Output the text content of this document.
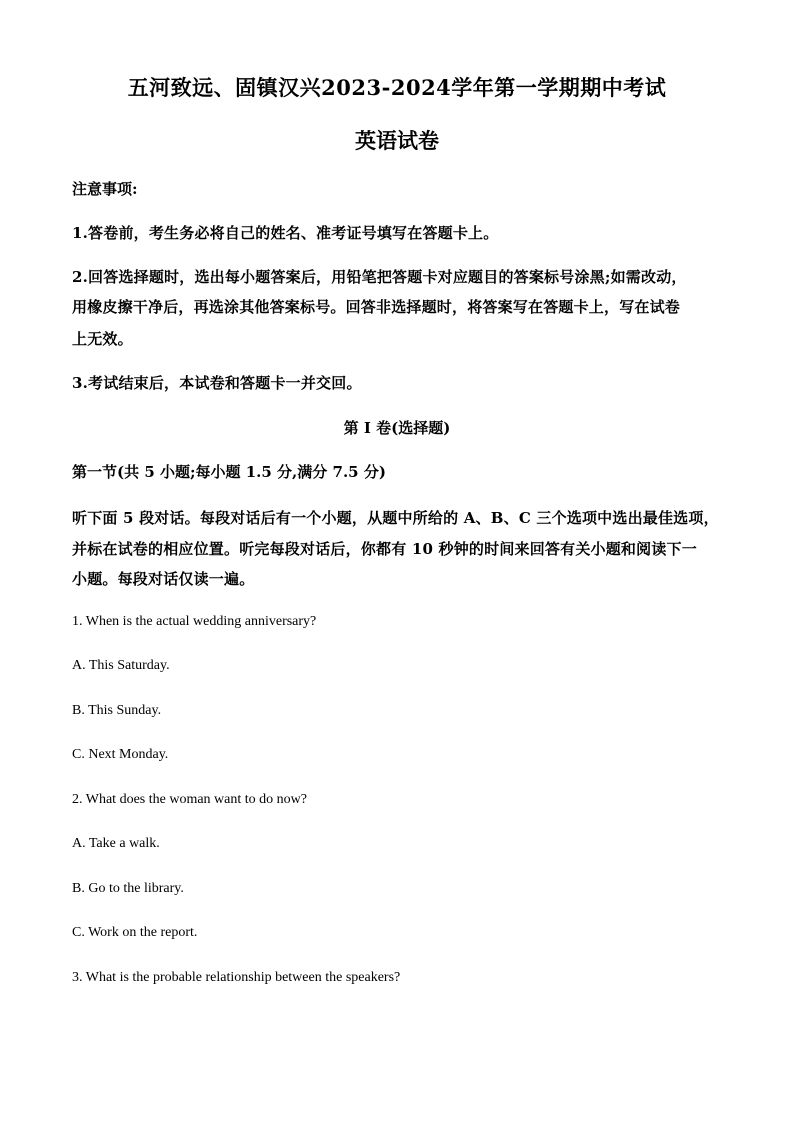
五河致远、固镇汉兴2023-2024学年第一学期期中考试
英语试卷
注意事项:
1.答卷前，考生务必将自己的姓名、准考证号填写在答题卡上。
2.回答选择题时，选出每小题答案后，用铅笔把答题卡对应题目的答案标号涂黑;如需改动，
用橡皮擦干净后，再选涂其他答案标号。回答非选择题时，将答案写在答题卡上，写在试卷
上无效。
3.考试结束后，本试卷和答题卡一并交回。
第 I 卷(选择题)
第一节(共 5 小题;每小题 1.5 分,满分 7.5 分)
听下面 5 段对话。每段对话后有一个小题，从题中所给的 A、B、C 三个选项中选出最佳选项，
并标在试卷的相应位置。听完每段对话后，你都有 10 秒钟的时间来回答有关小题和阅读下一
小题。每段对话仅读一遍。
1. When is the actual wedding anniversary?
A. This Saturday.
B. This Sunday.
C. Next Monday.
2. What does the woman want to do now?
A. Take a walk.
B. Go to the library.
C. Work on the report.
3. What is the probable relationship between the speakers?
